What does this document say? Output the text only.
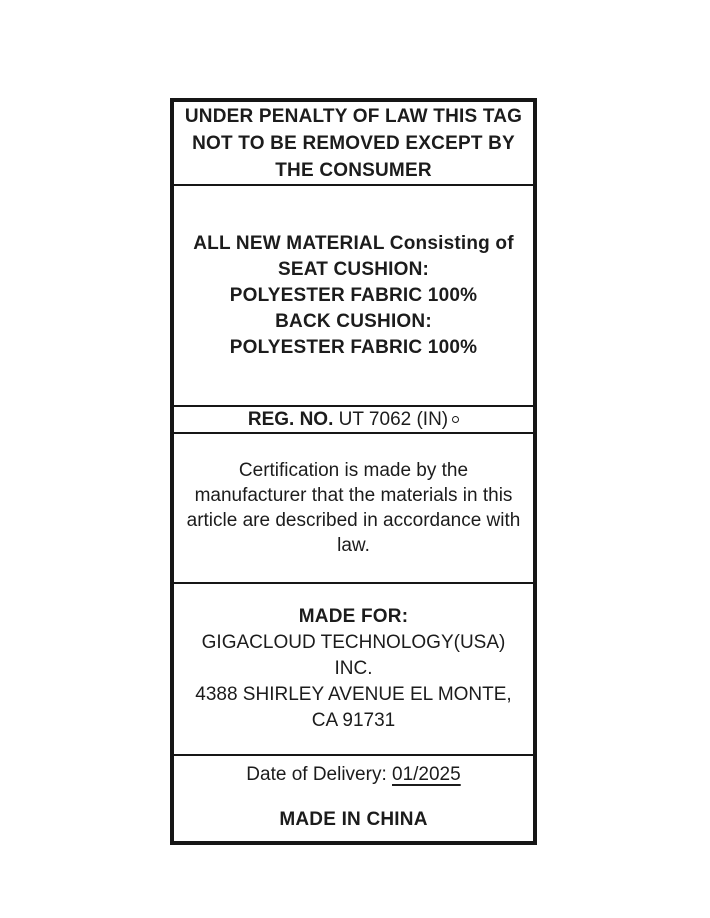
UNDER PENALTY OF LAW THIS TAG
NOT TO BE REMOVED EXCEPT BY
THE CONSUMER
ALL NEW MATERIAL Consisting of
SEAT CUSHION:
POLYESTER FABRIC 100%
BACK CUSHION:
POLYESTER FABRIC 100%
REG. NO. UT 7062 (IN)
Certification is made by the
manufacturer that the materials in this
article are described in accordance with
law.
MADE FOR:
GIGACLOUD TECHNOLOGY(USA)
INC.
4388 SHIRLEY AVENUE EL MONTE,
CA 91731
Date of Delivery: 01/2025
MADE IN CHINA
